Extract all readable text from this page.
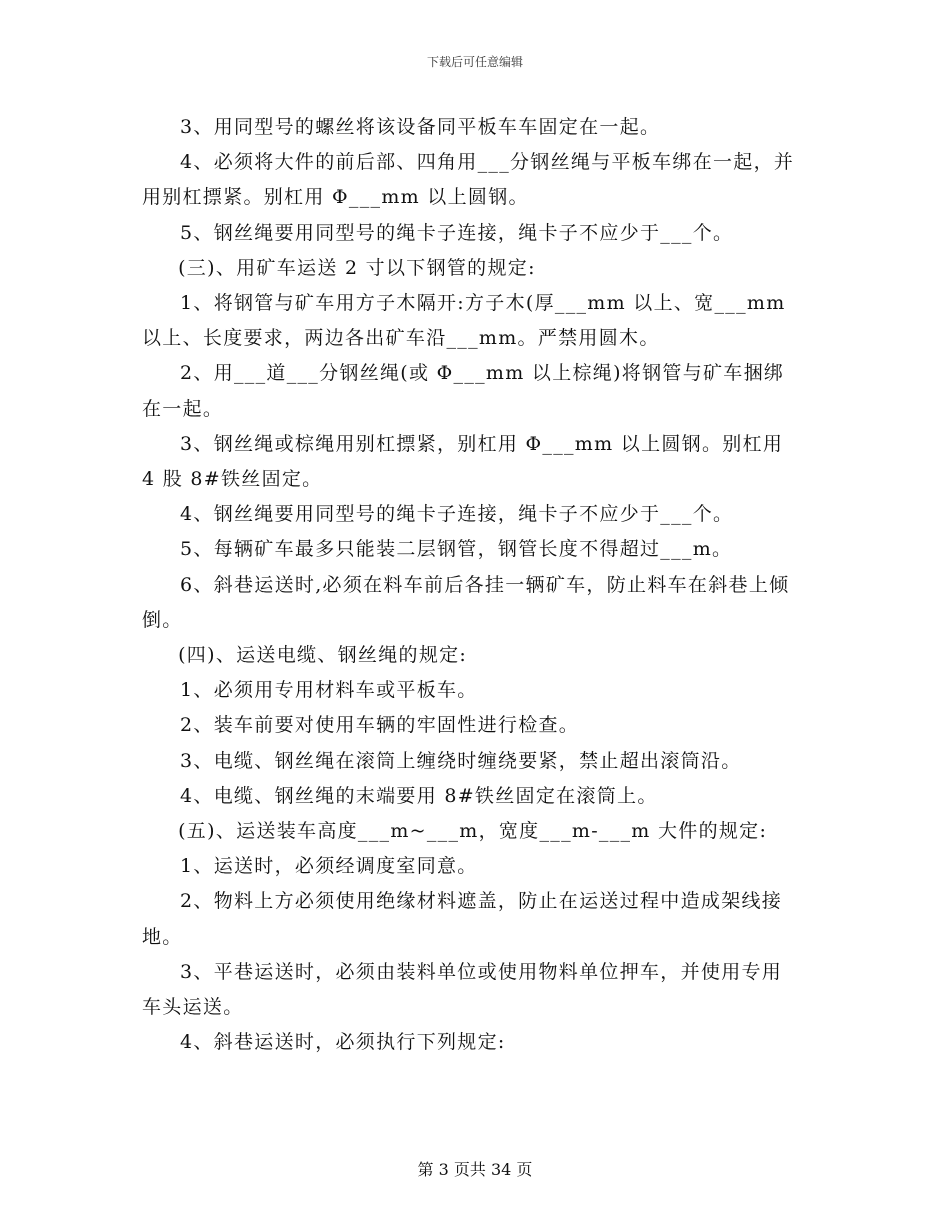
下载后可任意编辑

3、用同型号的螺丝将该设备同平板车车固定在一起。

4、必须将大件的前后部、四角用___分钢丝绳与平板车绑在一起，并用别杠摽紧。别杠用 Φ___mm 以上圆钢。

5、钢丝绳要用同型号的绳卡子连接，绳卡子不应少于___个。

(三)、用矿车运送 2 寸以下钢管的规定:

1、将钢管与矿车用方子木隔开:方子木(厚___mm 以上、宽___mm 以上、长度要求，两边各出矿车沿___mm。严禁用圆木。

2、用___道___分钢丝绳(或 Φ___mm 以上棕绳)将钢管与矿车捆绑在一起。

3、钢丝绳或棕绳用别杠摽紧，别杠用 Φ___mm 以上圆钢。别杠用 4 股 8#铁丝固定。

4、钢丝绳要用同型号的绳卡子连接，绳卡子不应少于___个。

5、每辆矿车最多只能装二层钢管，钢管长度不得超过___m。

6、斜巷运送时,必须在料车前后各挂一辆矿车，防止料车在斜巷上倾倒。

(四)、运送电缆、钢丝绳的规定:

1、必须用专用材料车或平板车。

2、装车前要对使用车辆的牢固性进行检查。

3、电缆、钢丝绳在滚筒上缠绕时缠绕要紧，禁止超出滚筒沿。

4、电缆、钢丝绳的末端要用 8#铁丝固定在滚筒上。

(五)、运送装车高度___m~___m，宽度___m-___m 大件的规定:

1、运送时，必须经调度室同意。

2、物料上方必须使用绝缘材料遮盖，防止在运送过程中造成架线接地。

3、平巷运送时，必须由装料单位或使用物料单位押车，并使用专用车头运送。

4、斜巷运送时，必须执行下列规定:

第 3 页共 34 页
